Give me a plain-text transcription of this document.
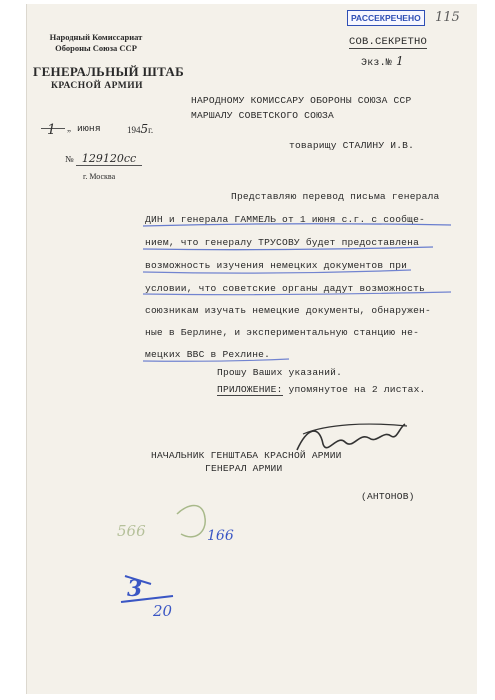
РАССЕКРЕЧЕНО	115
СОВ.СЕКРЕТНО
Экз.№ 1
Народный Комиссариат
Обороны Союза ССР
ГЕНЕРАЛЬНЫЙ ШТАБ
КРАСНОЙ АРМИИ
1 „ июня	1945г.
№ 129120сс
г. Москва
НАРОДНОМУ КОМИССАРУ ОБОРОНЫ СОЮЗА ССР
МАРШАЛУ СОВЕТСКОГО СОЮЗА
товарищу СТАЛИНУ И.В.
Представляю перевод письма генерала
ДИН и генерала ГАММЕЛЬ от 1 июня с.г. с сообще-
нием, что генералу ТРУСОВУ будет предоставлена
возможность изучения немецких документов при
условии, что советские органы дадут возможность
союзникам изучать немецкие документы, обнаружен-
ные в Берлине, и экспериментальную станцию не-
мецких ВВС в Рехлине.
Прошу Ваших указаний.
ПРИЛОЖЕНИЕ: упомянутое на 2 листах.
НАЧАЛЬНИК ГЕНШТАБА КРАСНОЙ АРМИИ
ГЕНЕРАЛ АРМИИ
(АНТОНОВ)
566	166
3
20
